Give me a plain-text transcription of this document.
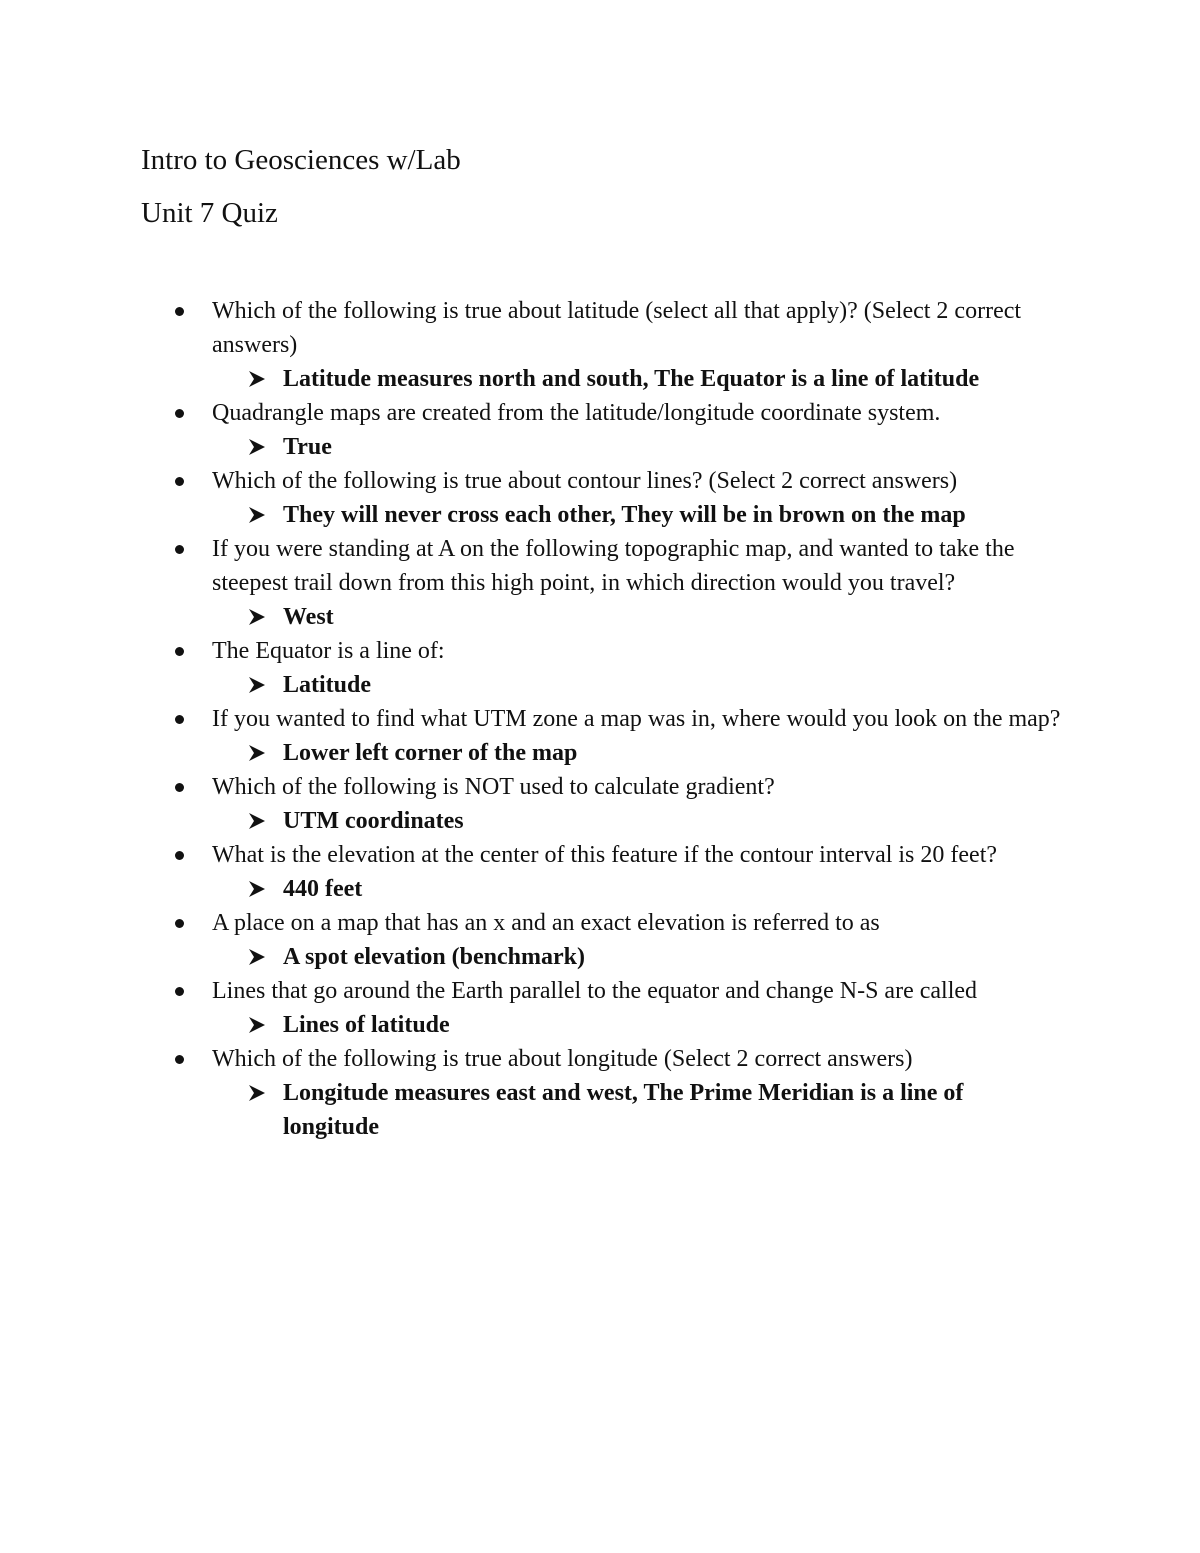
Intro to Geosciences w/Lab
Unit 7 Quiz
Which of the following is true about latitude (select all that apply)? (Select 2 correct answers)
Latitude measures north and south, The Equator is a line of latitude
Quadrangle maps are created from the latitude/longitude coordinate system.
True
Which of the following is true about contour lines? (Select 2 correct answers)
They will never cross each other, They will be in brown on the map
If you were standing at A on the following topographic map, and wanted to take the steepest trail down from this high point, in which direction would you travel?
West
The Equator is a line of:
Latitude
If you wanted to find what UTM zone a map was in, where would you look on the map?
Lower left corner of the map
Which of the following is NOT used to calculate gradient?
UTM coordinates
What is the elevation at the center of this feature if the contour interval is 20 feet?
440 feet
A place on a map that has an x and an exact elevation is referred to as
A spot elevation (benchmark)
Lines that go around the Earth parallel to the equator and change N-S are called
Lines of latitude
Which of the following is true about longitude (Select 2 correct answers)
Longitude measures east and west, The Prime Meridian is a line of longitude
